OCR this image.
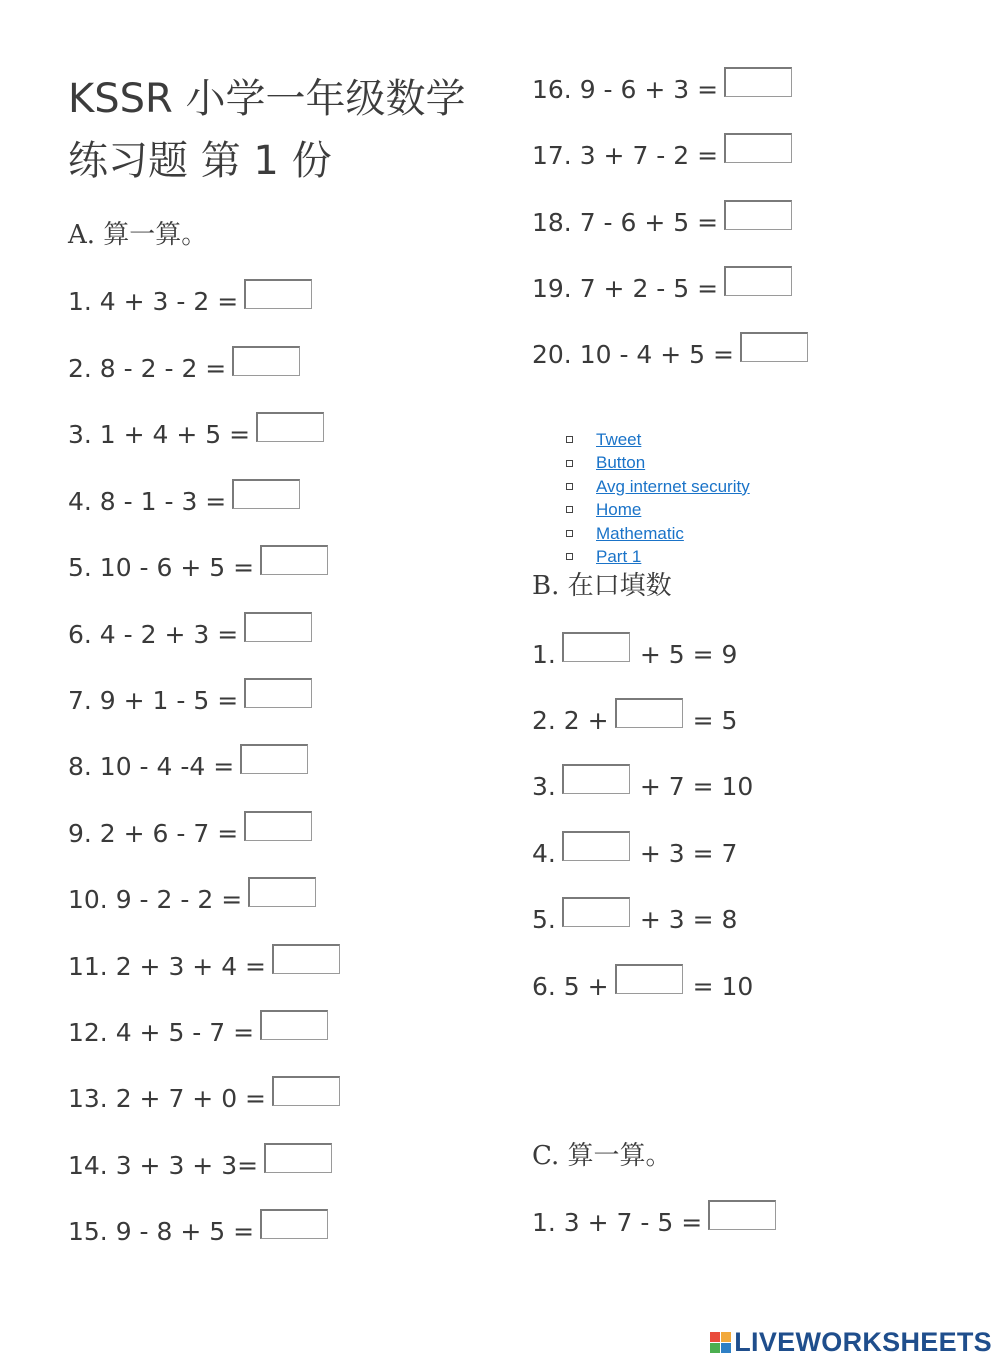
KSSR 小学一年级数学练习题 第 1 份
A. 算一算。
1. 4 + 3 - 2 =
2. 8 - 2 - 2 =
3. 1 + 4 + 5 =
4. 8 - 1 - 3 =
5. 10 - 6 + 5 =
6. 4 - 2 + 3 =
7. 9 + 1 - 5 =
8. 10 - 4 -4 =
9. 2 + 6 - 7 =
10. 9 - 2 - 2 =
11. 2 + 3 + 4 =
12. 4 + 5 - 7 =
13. 2 + 7 + 0 =
14. 3 + 3 + 3=
15. 9 - 8 + 5 =
16. 9 - 6 + 3 =
17. 3 + 7 - 2 =
18. 7 - 6 + 5 =
19. 7 + 2 - 5 =
20. 10 - 4 + 5 =
Tweet
Button
Avg internet security
Home
Mathematic
Part 1
B. 在口填数
1.	+ 5 = 9
2. 2 +	= 5
3.	+ 7 = 10
4.	+ 3 = 7
5.	+ 3 = 8
6. 5 +	= 10
C. 算一算。
1. 3 + 7 - 5 =
LIVEWORKSHEETS
